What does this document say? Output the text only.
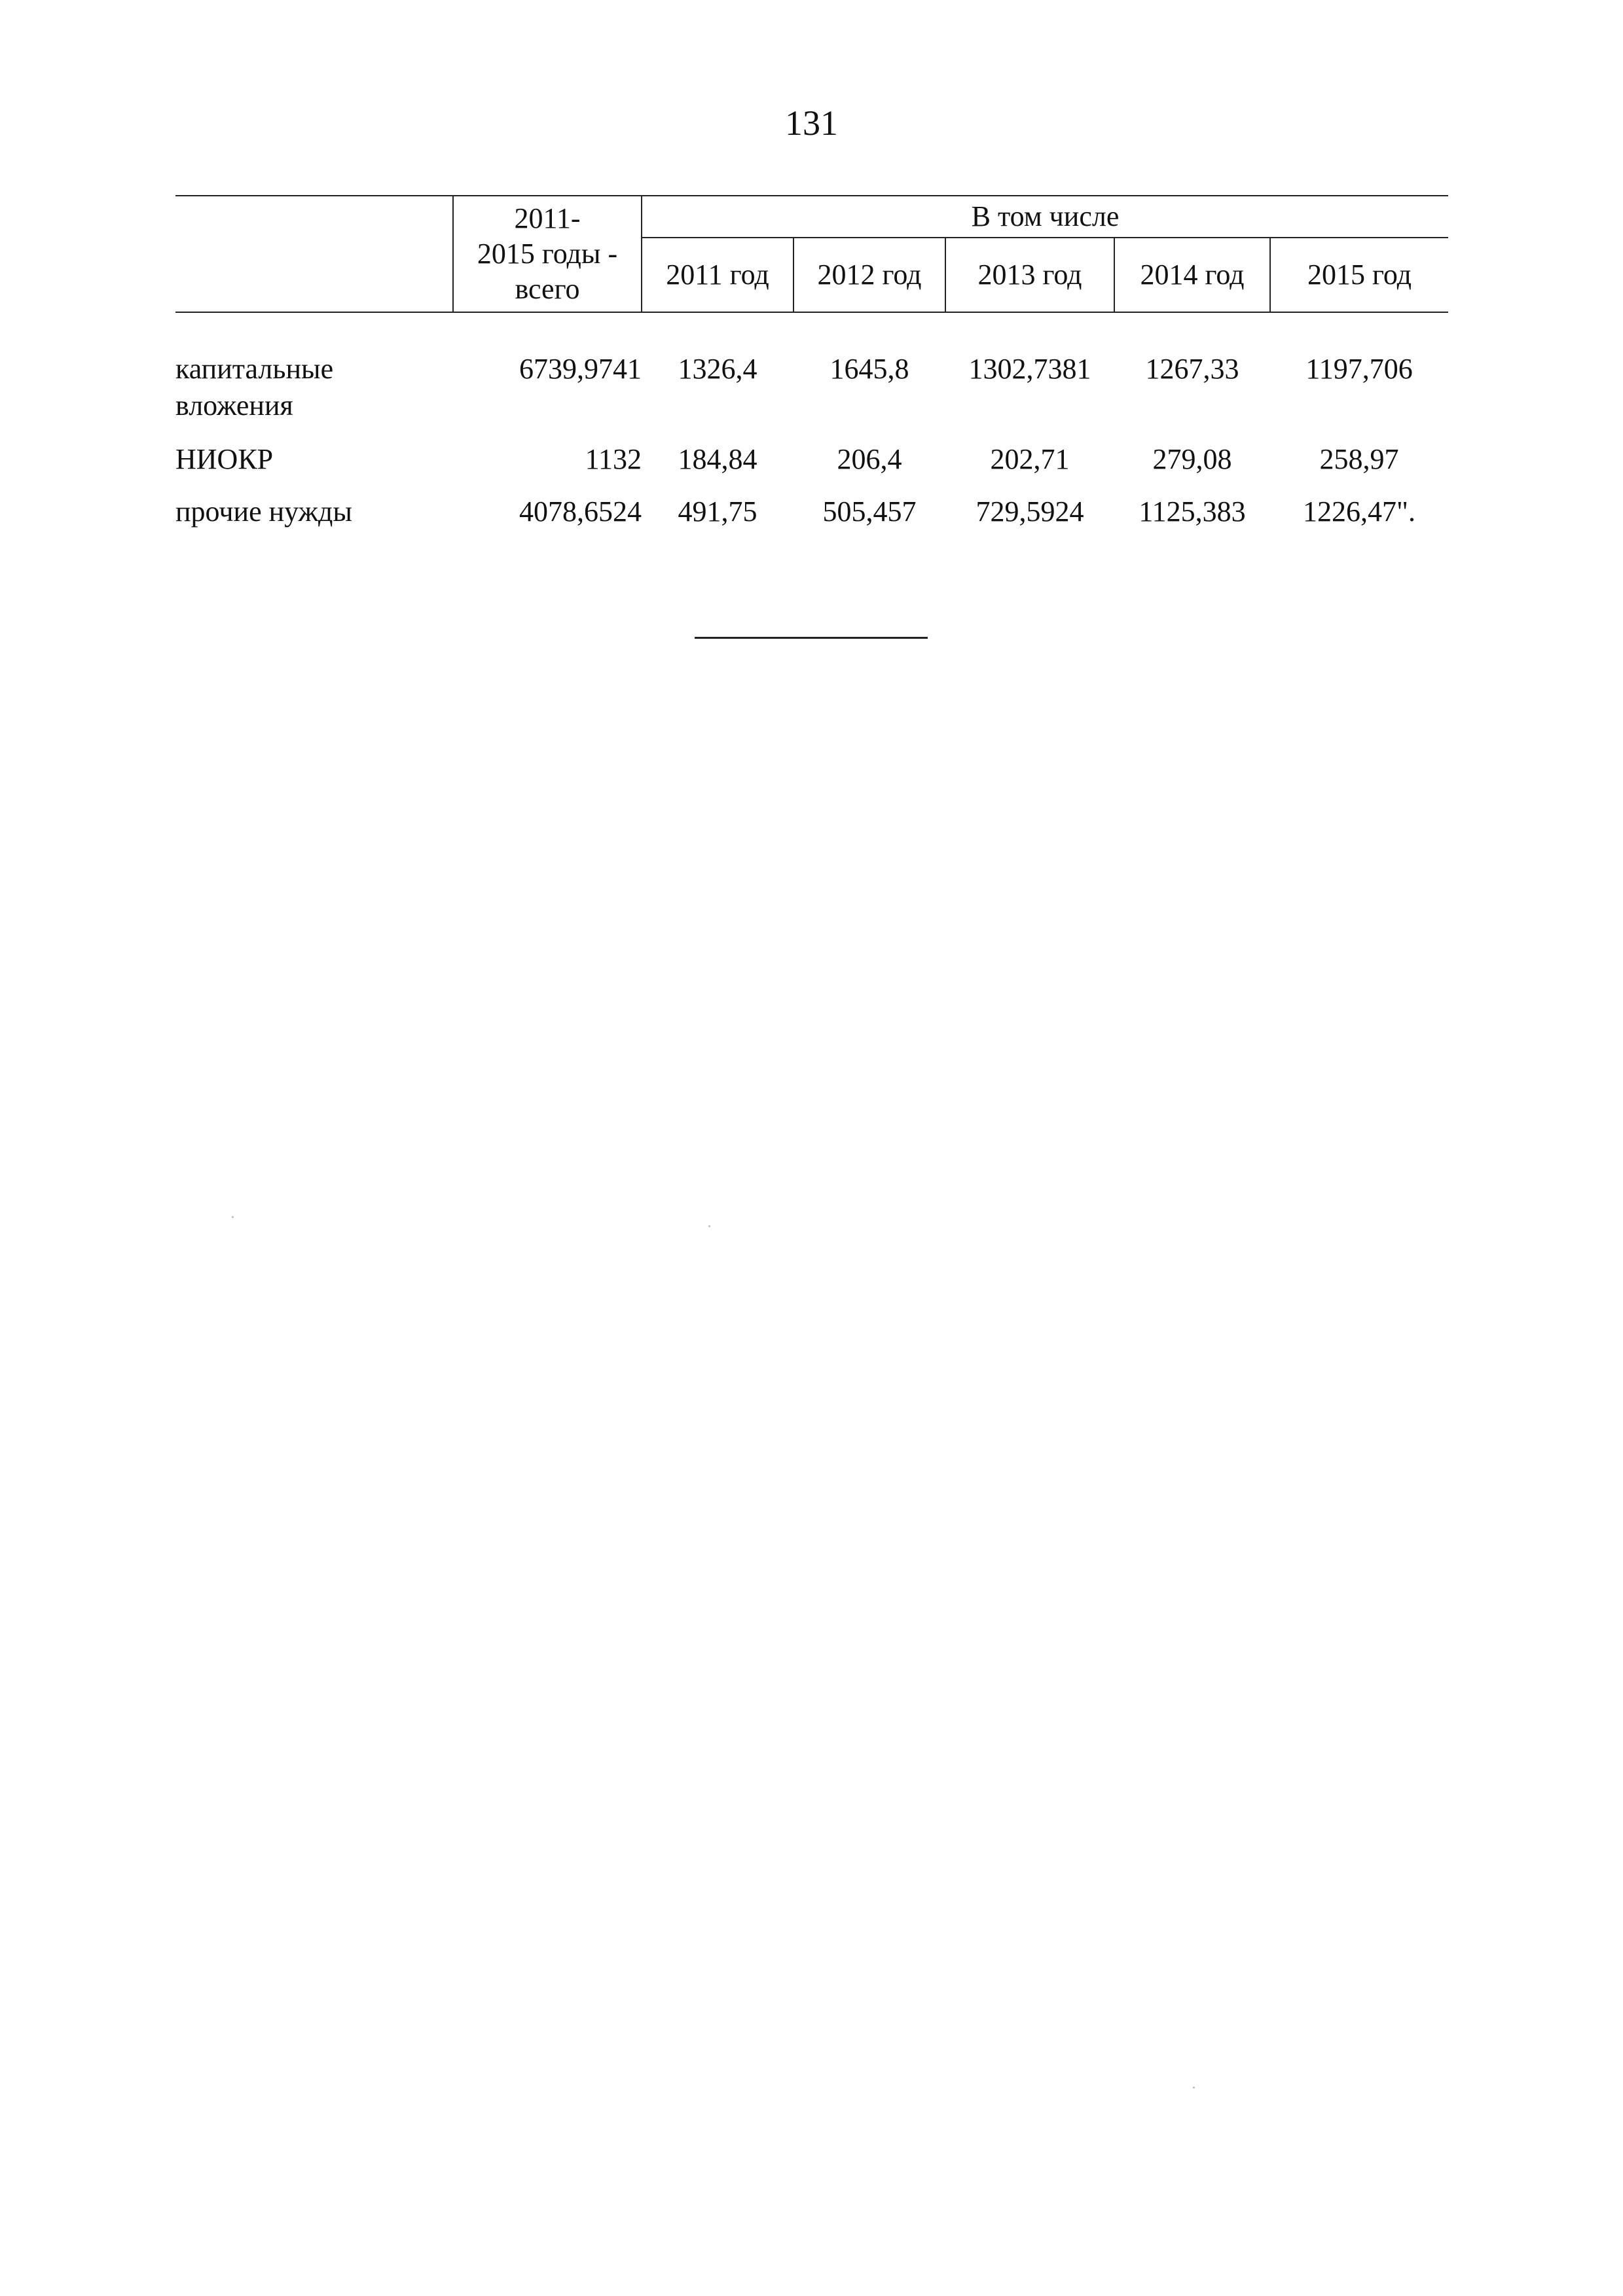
131
	2011-
2015 годы -
всего	В том числе				
		2011 год	2012 год	2013 год	2014 год	2015 год

капитальные
вложения	6739,9741	1326,4	1645,8	1302,7381	1267,33	1197,706
НИОКР	1132	184,84	206,4	202,71	279,08	258,97
прочие нужды	4078,6524	491,75	505,457	729,5924	1125,383	1226,47".
